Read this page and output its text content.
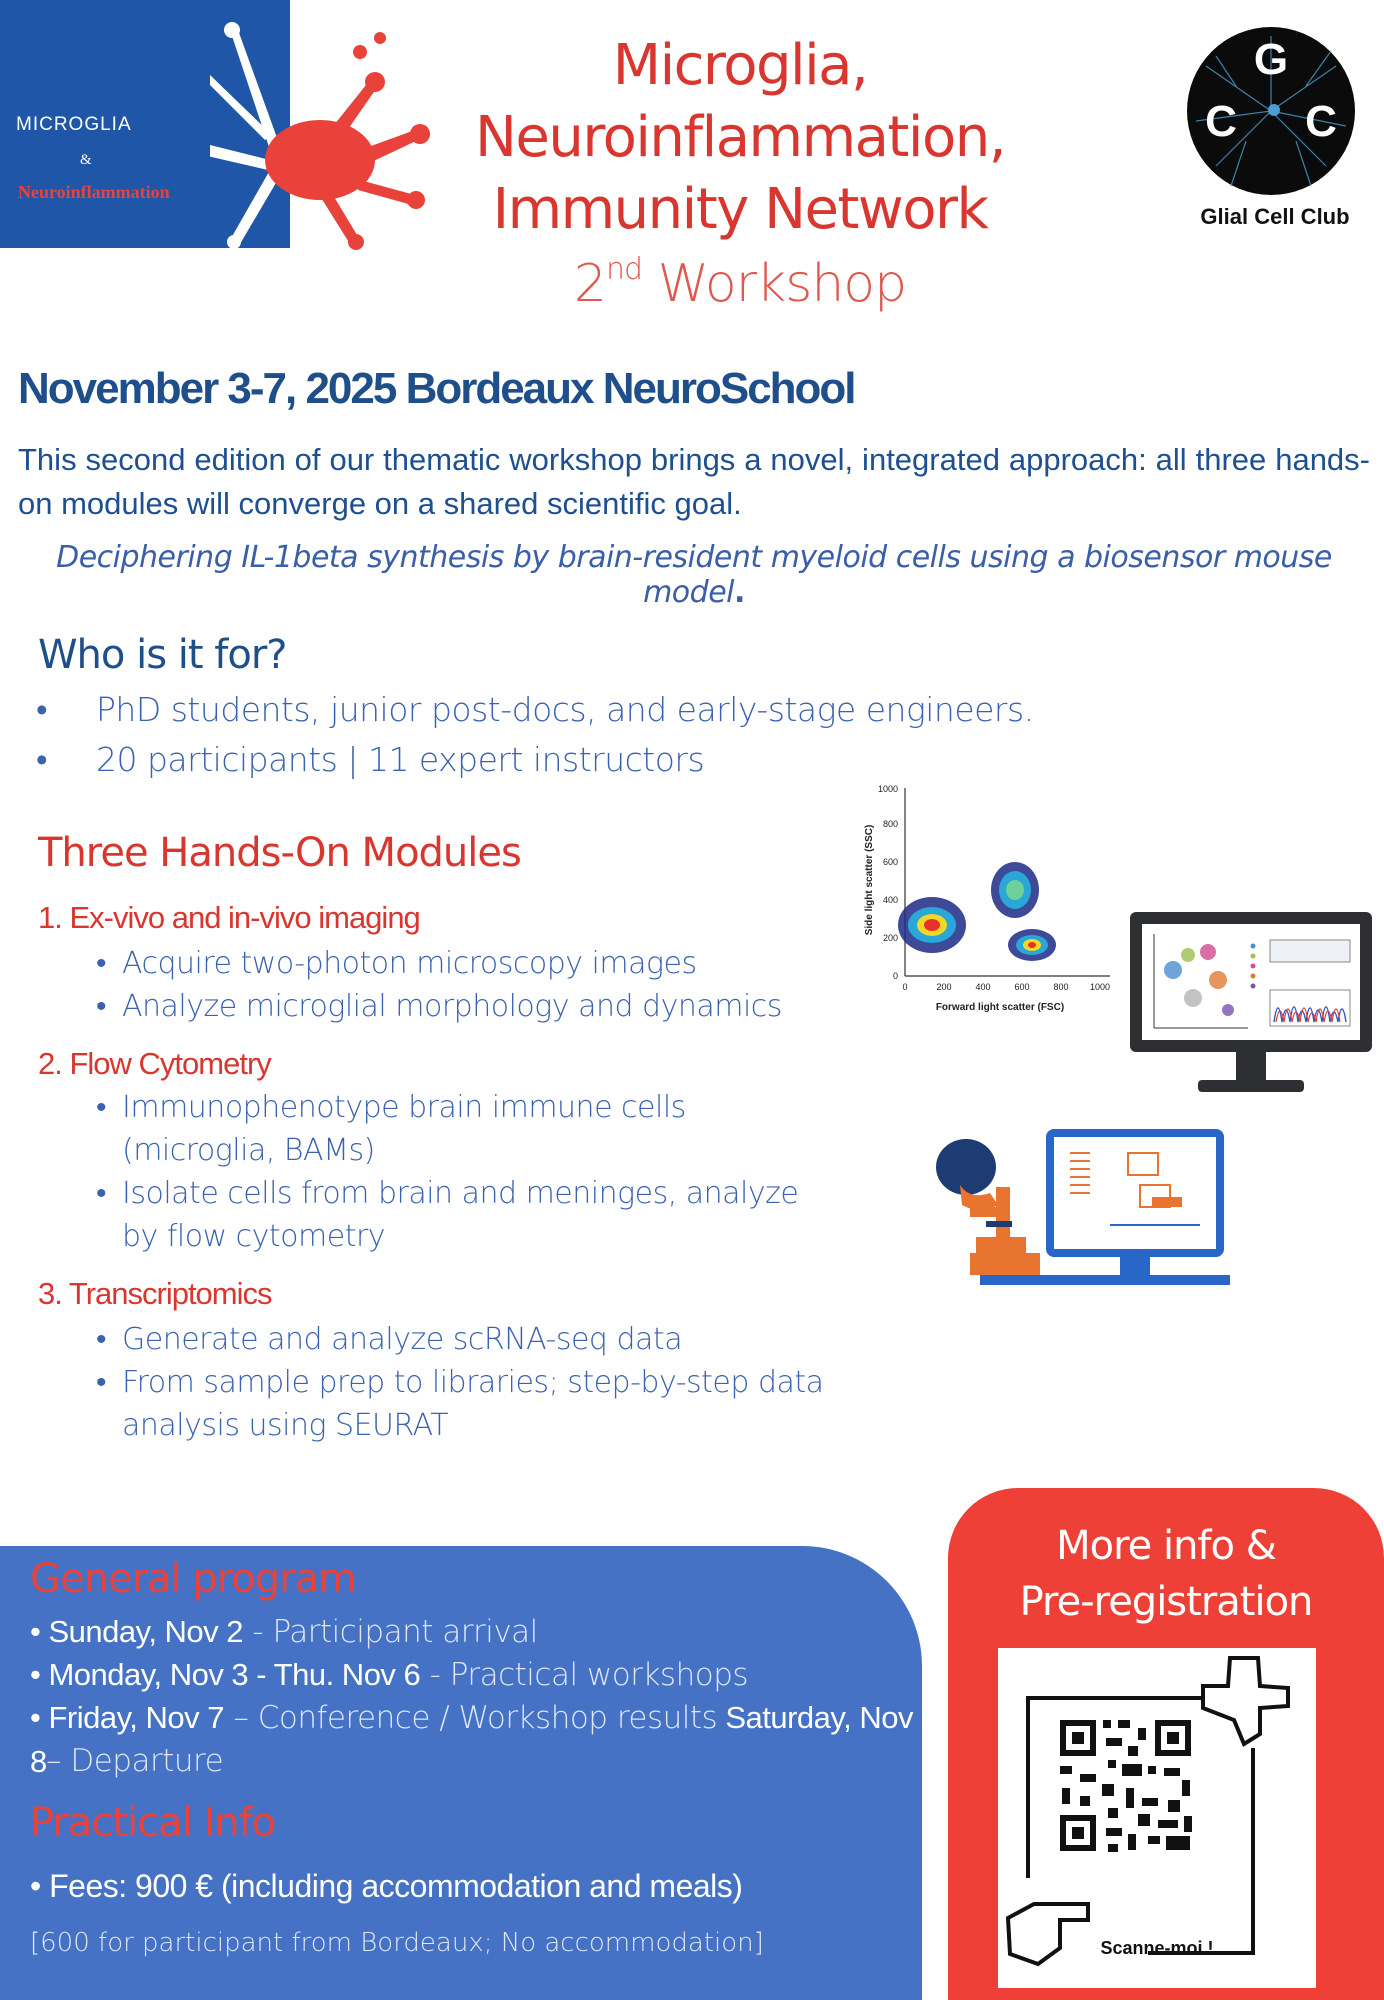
MICROGLIA
&
Neuroinflammation
Microglia,
Neuroinflammation,
Immunity Network
2nd Workshop
G
C C
Glial Cell Club
November 3-7, 2025 Bordeaux NeuroSchool
This second edition of our thematic workshop brings a novel, integrated approach: all three hands-on modules will converge on a shared scientific goal.
Deciphering IL-1beta synthesis by brain-resident myeloid cells using a biosensor mouse model.
Who is it for?
• PhD students, junior post-docs, and early-stage engineers.
• 20 participants | 11 expert instructors
Three Hands-On Modules
1. Ex-vivo and in-vivo imaging
• Acquire two-photon microscopy images
• Analyze microglial morphology and dynamics
2. Flow Cytometry
• Immunophenotype brain immune cells (microglia, BAMs)
• Isolate cells from brain and meninges, analyze by flow cytometry
3. Transcriptomics
• Generate and analyze scRNA-seq data
• From sample prep to libraries; step-by-step data analysis using SEURAT
0
200
400
600
800
1000
0	200	400	600	800 1000
Forward light scatter (FSC)
Side light scatter (SSC)
General program
• Sunday, Nov 2 - Participant arrival
• Monday, Nov 3 - Thu. Nov 6 - Practical workshops
• Friday, Nov 7 – Conference / Workshop results Saturday, Nov 8 – Departure
Practical Info
• Fees: 900 € (including accommodation and meals)
[600 for participant from Bordeaux; No accommodation]
More info &
Pre-registration
Scanne-moi !
